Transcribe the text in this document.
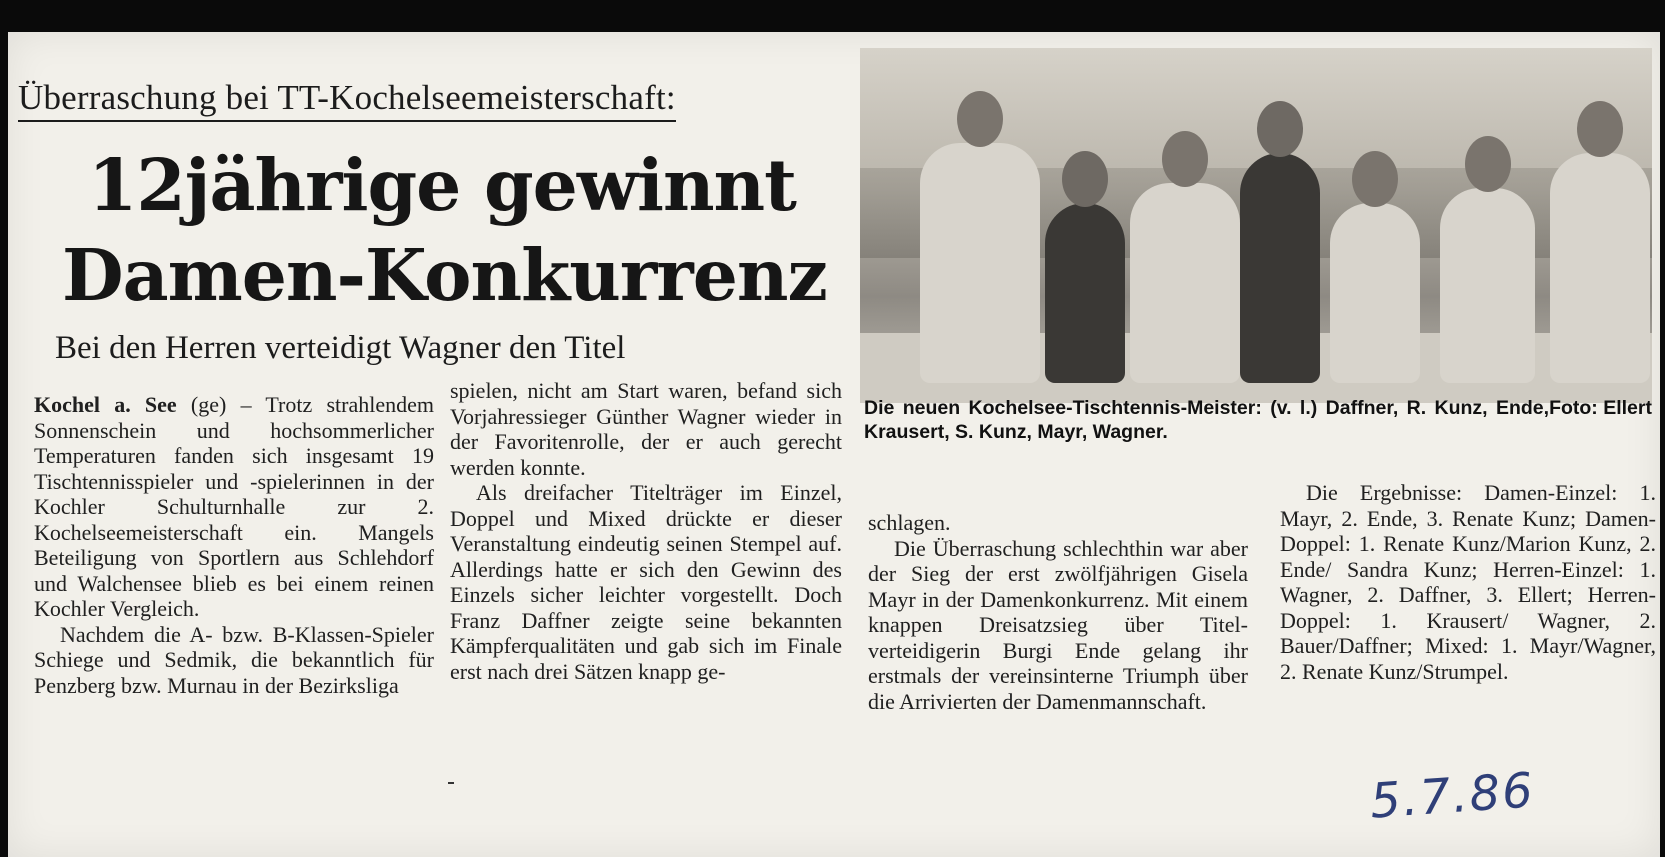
Überraschung bei TT-Kochelseemeisterschaft:
12jährige gewinnt
Damen-Konkurrenz
Bei den Herren verteidigt Wagner den Titel
Foto: Ellert
Die neuen Kochelsee-Tischtennis-Meister: (v. l.) Daffner, R. Kunz, Ende, Krausert, S. Kunz, Mayr, Wagner.

Kochel a. See (ge) – Trotz strahlendem Sonnenschein und hochsommerlicher Temperaturen fanden sich insgesamt 19 Tischtennisspieler und -spielerinnen in der Kochler Schulturnhalle zur 2. Kochelseemeisterschaft ein. Mangels Beteiligung von Sportlern aus Schlehdorf und Walchensee blieb es bei einem reinen Kochler Vergleich.

Nachdem die A- bzw. B-Klassen-Spieler Schiege und Sedmik, die bekanntlich für Penzberg bzw. Murnau in der Bezirksliga

spielen, nicht am Start waren, befand sich Vorjahressieger Günther Wagner wieder in der Favoritenrolle, der er auch gerecht werden konnte.

Als dreifacher Titelträger im Einzel, Doppel und Mixed drückte er dieser Veranstaltung eindeutig seinen Stempel auf. Allerdings hatte er sich den Gewinn des Einzels sicher leichter vorgestellt. Doch Franz Daffner zeigte seine bekannten Kämpferqualitäten und gab sich im Finale erst nach drei Sätzen knapp ge-

schlagen.

Die Überraschung schlechthin war aber der Sieg der erst zwölfjährigen Gisela Mayr in der Damenkonkurrenz. Mit einem knappen Dreisatzsieg über Titelverteidigerin Burgi Ende gelang ihr erstmals der vereinsinterne Triumph über die Arrivierten der Damenmannschaft.

Die Ergebnisse: Damen-Einzel: 1. Mayr, 2. Ende, 3. Renate Kunz; Damen-Doppel: 1. Renate Kunz/Marion Kunz, 2. Ende/ Sandra Kunz; Herren-Einzel: 1. Wagner, 2. Daffner, 3. Ellert; Herren-Doppel: 1. Krausert/ Wagner, 2. Bauer/Daffner; Mixed: 1. Mayr/Wagner, 2. Renate Kunz/Strumpel.

5.7.86
